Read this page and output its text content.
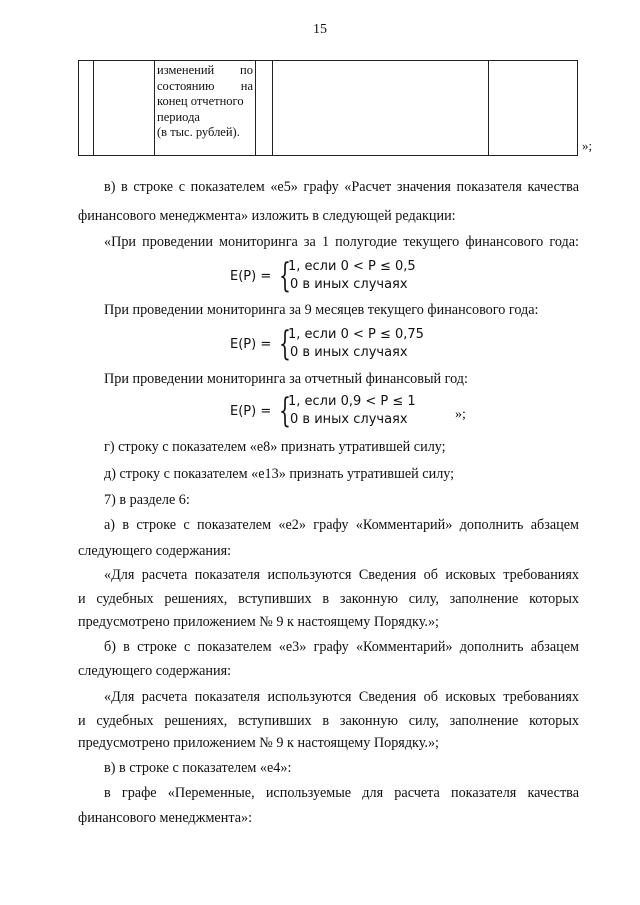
15

изменений по
состоянию на
конец отчетного
периода
(в тыс. рублей).

»;
в) в строке с показателем «е5» графу «Расчет значения показателя качества
финансового менеджмента» изложить в следующей редакции:
«При проведении мониторинга за 1 полугодие текущего финансового года:
E(P) = {
1, если 0 < P ≤ 0,5
0 в иных случаях
При проведении мониторинга за 9 месяцев текущего финансового года:
E(P) = {
1, если 0 < P ≤ 0,75
0 в иных случаях
При проведении мониторинга за отчетный финансовый год:
E(P) = {
1, если 0,9 < P ≤ 1
0 в иных случаях	»;
г) строку с показателем «е8» признать утратившей силу;
д) строку с показателем «е13» признать утратившей силу;
7) в разделе 6:
а) в строке с показателем «е2» графу «Комментарий» дополнить абзацем
следующего содержания:
«Для расчета показателя используются Сведения об исковых требованиях
и судебных решениях, вступивших в законную силу, заполнение которых
предусмотрено приложением № 9 к настоящему Порядку.»;
б) в строке с показателем «е3» графу «Комментарий» дополнить абзацем
следующего содержания:
«Для расчета показателя используются Сведения об исковых требованиях
и судебных решениях, вступивших в законную силу, заполнение которых
предусмотрено приложением № 9 к настоящему Порядку.»;
в) в строке с показателем «е4»:
в графе «Переменные, используемые для расчета показателя качества
финансового менеджмента»:
